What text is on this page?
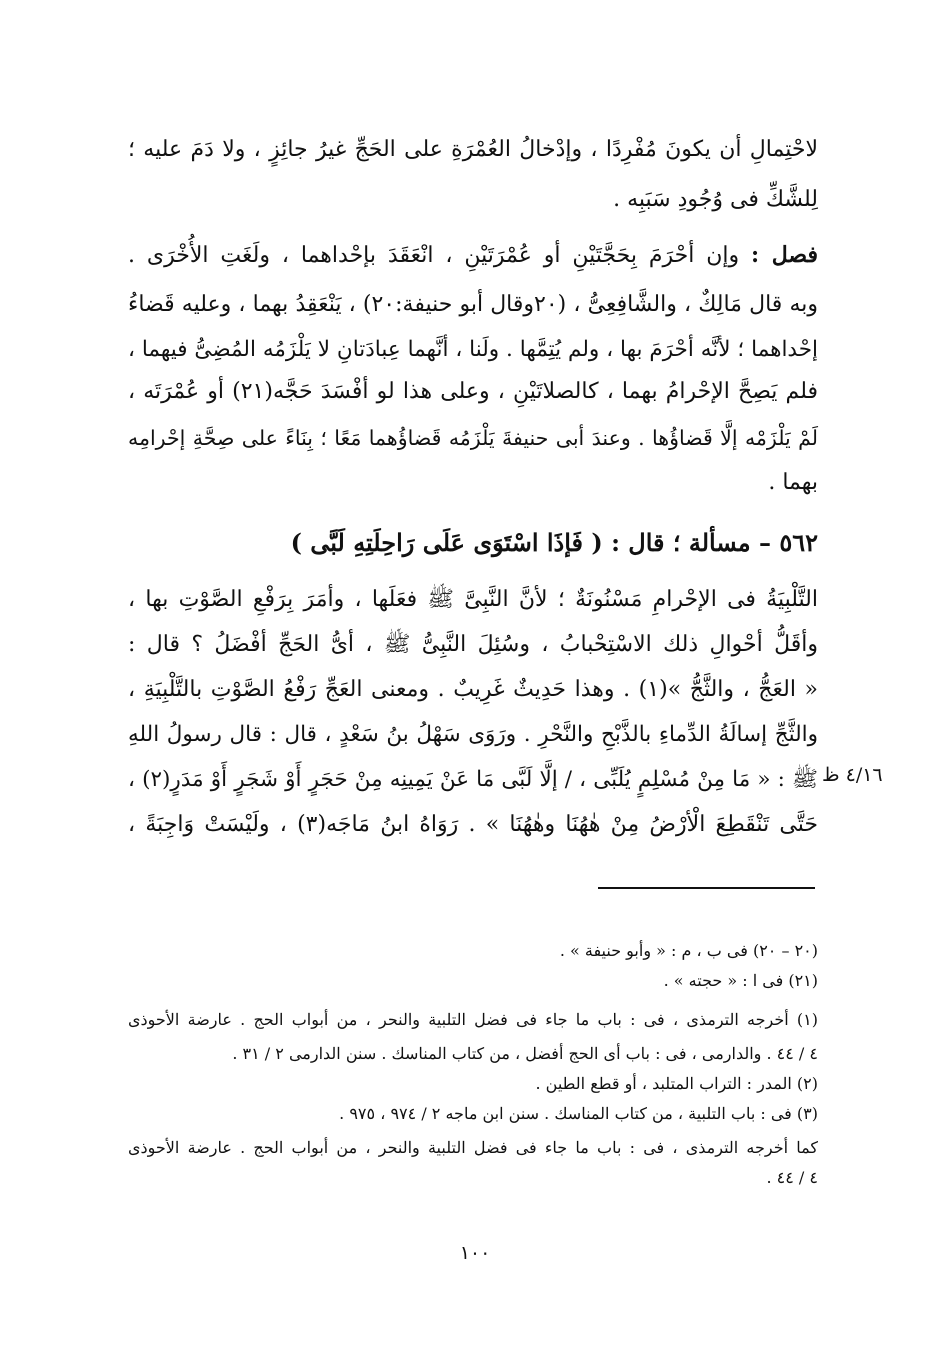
لاحْتِمالِ أن يكونَ مُفْرِدًا ، وإدْخالُ العُمْرَةِ على الحَجِّ غيرُ جائِزٍ ، ولا دَمَ عليه ؛
لِلشَّكِّ فى وُجُودِ سَبَبِه .
فصل : وإن أحْرَمَ بِحَجَّتَيْنِ أو عُمْرَتَيْنِ ، انْعَقَدَ بإحْداهما ، ولَغَتِ الأُخْرَى .
وبه قال مَالِكٌ ، والشَّافِعِىُّ ، (٢٠وقال أبو حنيفة:٢٠) ، يَنْعَقِدُ بهما ، وعليه قَضاءُ
إحْداهما ؛ لأنَّه أحْرَمَ بها ، ولم يُتِمَّها . ولَنا ، أنَّهما عِبادَتانِ لا يَلْزَمُه المُضِىُّ فيهما ،
فلم يَصِحَّ الإحْرامُ بهما ، كالصلاتَيْنِ ، وعلى هذا لو أفْسَدَ حَجَّه(٢١) أو عُمْرَتَه ،
لَمْ يَلْزَمْه إلَّا قَضاؤُها . وعندَ أبى حنيفةَ يَلْزَمُه قَضاؤُهما مَعًا ؛ بِنَاءً على صِحَّةِ إحْرامِه
بهما .
٥٦٢ – مسألة ؛ قال : ( فَإذَا اسْتَوَى عَلَى رَاحِلَتِهِ لَبَّى )
التَّلْبِيَةُ فى الإحْرامِ مَسْنُونَةٌ ؛ لأنَّ النَّبِىَّ ﷺ فعَلَها ، وأمَرَ بِرَفْعِ الصَّوْتِ بها ،
وأقَلُّ أحْوالِ ذلك الاسْتِحْبابُ ، وسُئِلَ النَّبِىُّ ﷺ ، أىُّ الحَجِّ أفْضَلُ ؟ قال :
« العَجُّ ، والثَّجُّ »(١) . وهذا حَدِيثٌ غَرِيبٌ . ومعنى العَجِّ رَفْعُ الصَّوْتِ بالتَّلْبِيَةِ ،
والثَّجِّ إسالَةُ الدِّماءِ بالذَّبْحِ والنَّحْرِ . ورَوَى سَهْلُ بنُ سَعْدٍ ، قال : قال رسولُ اللهِ
ﷺ : « مَا مِنْ مُسْلِمٍ يُلَبِّى ، / إلَّا لَبَّى مَا عَنْ يَمِينِه مِنْ حَجَرٍ أَوْ شَجَرٍ أَوْ مَدَرٍ(٢) ،
حَتَّى تَنْقَطِعَ الْأرْضُ مِنْ هٰهُنَا وهٰهُنَا » . رَوَاهُ ابنُ مَاجَه(٣) ، ولَيْسَتْ وَاجِبَةً ،
٤/١٦ ظ
(٢٠ – ٢٠) فى ب ، م : « وأبو حنيفة » .
(٢١) فى ا : « حجته » .
(١) أخرجه الترمذى ، فى : باب ما جاء فى فضل التلبية والنحر ، من أبواب الحج . عارضة الأحوذى
٤ / ٤٤ . والدارمى ، فى : باب أى الحج أفضل ، من كتاب المناسك . سنن الدارمى ٢ / ٣١ .
(٢) المدر : التراب المتلبد ، أو قطع الطين .
(٣) فى : باب التلبية ، من كتاب المناسك . سنن ابن ماجه ٢ / ٩٧٤ ، ٩٧٥ .
كما أخرجه الترمذى ، فى : باب ما جاء فى فضل التلبية والنحر ، من أبواب الحج . عارضة الأحوذى
٤ / ٤٤ .
١٠٠
